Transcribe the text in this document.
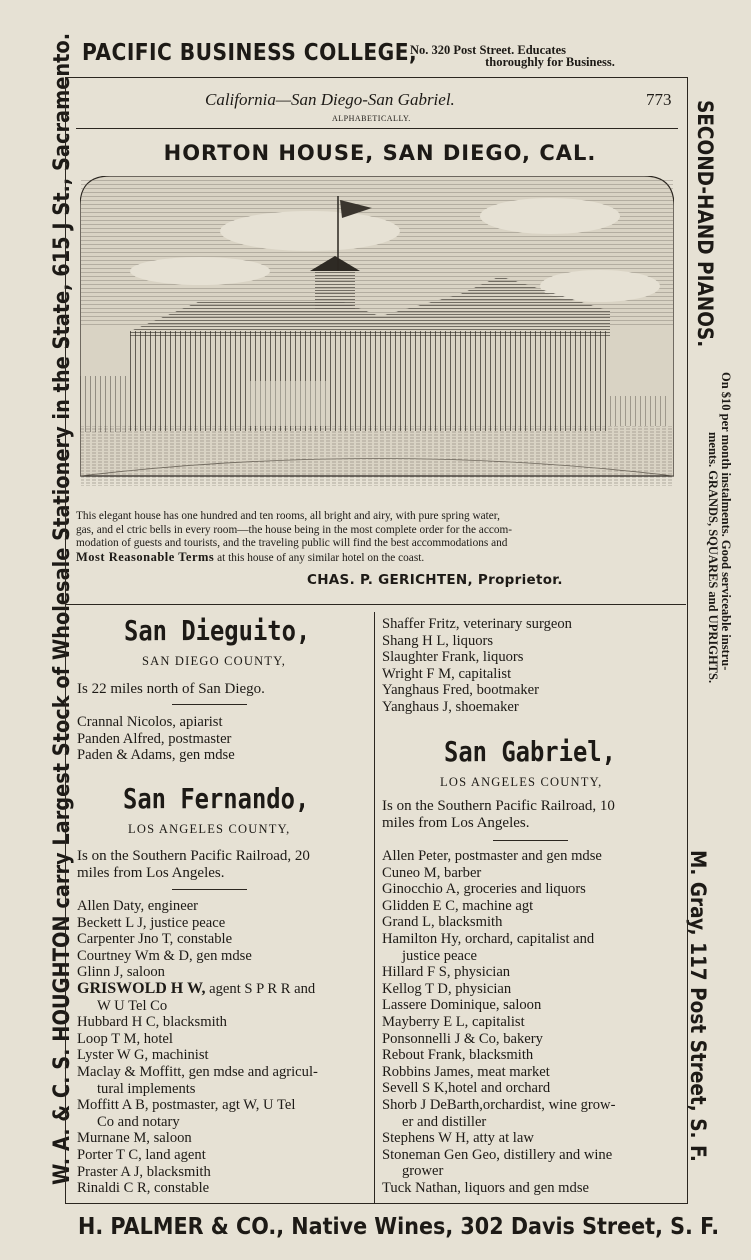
PACIFIC BUSINESS COLLEGE,
No. 320 Post Street. Educates
thoroughly for Business.
W. A. & C. S. HOUGHTON carry Largest Stock of Wholesale Stationery in the State, 615 J St., Sacramento.	SECOND-HAND PIANOS.
On $10 per month instalments. Good serviceable instru-
ments. GRANDS, SQUARES and UPRIGHTS.
M. Gray, 117 Post Street, S. F.
H. PALMER & CO., Native Wines, 302 Davis Street, S. F.
California—San Diego-San Gabriel.	773
ALPHABETICALLY.
HORTON HOUSE, SAN DIEGO, CAL.
This elegant house has one hundred and ten rooms, all bright and airy, with pure spring water,
gas, and el ctric bells in every room—the house being in the most complete order for the accom-
modation of guests and tourists, and the traveling public will find the best accommodations and
Most Reasonable Terms at this house of any similar hotel on the coast.
CHAS. P. GERICHTEN, Proprietor.
San Dieguito,
SAN DIEGO COUNTY,
Is 22 miles north of San Diego.
Crannal Nicolos, apiarist
Panden Alfred, postmaster
Paden & Adams, gen mdse
San Fernando,
LOS ANGELES COUNTY,
Is on the Southern Pacific Railroad, 20
miles from Los Angeles.
Allen Daty, engineer
Beckett L J, justice peace
Carpenter Jno T, constable
Courtney Wm & D, gen mdse
Glinn J, saloon
GRISWOLD H W, agent S P R R and
W U Tel Co
Hubbard H C, blacksmith
Loop T M, hotel
Lyster W G, machinist
Maclay & Moffitt, gen mdse and agricul-
tural implements
Moffitt A B, postmaster, agt W, U Tel
Co and notary
Murnane M, saloon
Porter T C, land agent
Praster A J, blacksmith
Rinaldi C R, constable
Shaffer Fritz, veterinary surgeon
Shang H L, liquors
Slaughter Frank, liquors
Wright F M, capitalist
Yanghaus Fred, bootmaker
Yanghaus J, shoemaker
San Gabriel,
LOS ANGELES COUNTY,
Is on the Southern Pacific Railroad, 10
miles from Los Angeles.
Allen Peter, postmaster and gen mdse
Cuneo M, barber
Ginocchio A, groceries and liquors
Glidden E C, machine agt
Grand L, blacksmith
Hamilton Hy, orchard, capitalist and
justice peace
Hillard F S, physician
Kellog T D, physician
Lassere Dominique, saloon
Mayberry E L, capitalist
Ponsonnelli J & Co, bakery
Rebout Frank, blacksmith
Robbins James, meat market
Sevell S K,hotel and orchard
Shorb J DeBarth,orchardist, wine grow-
er and distiller
Stephens W H, atty at law
Stoneman Gen Geo, distillery and wine
grower
Tuck Nathan, liquors and gen mdse
